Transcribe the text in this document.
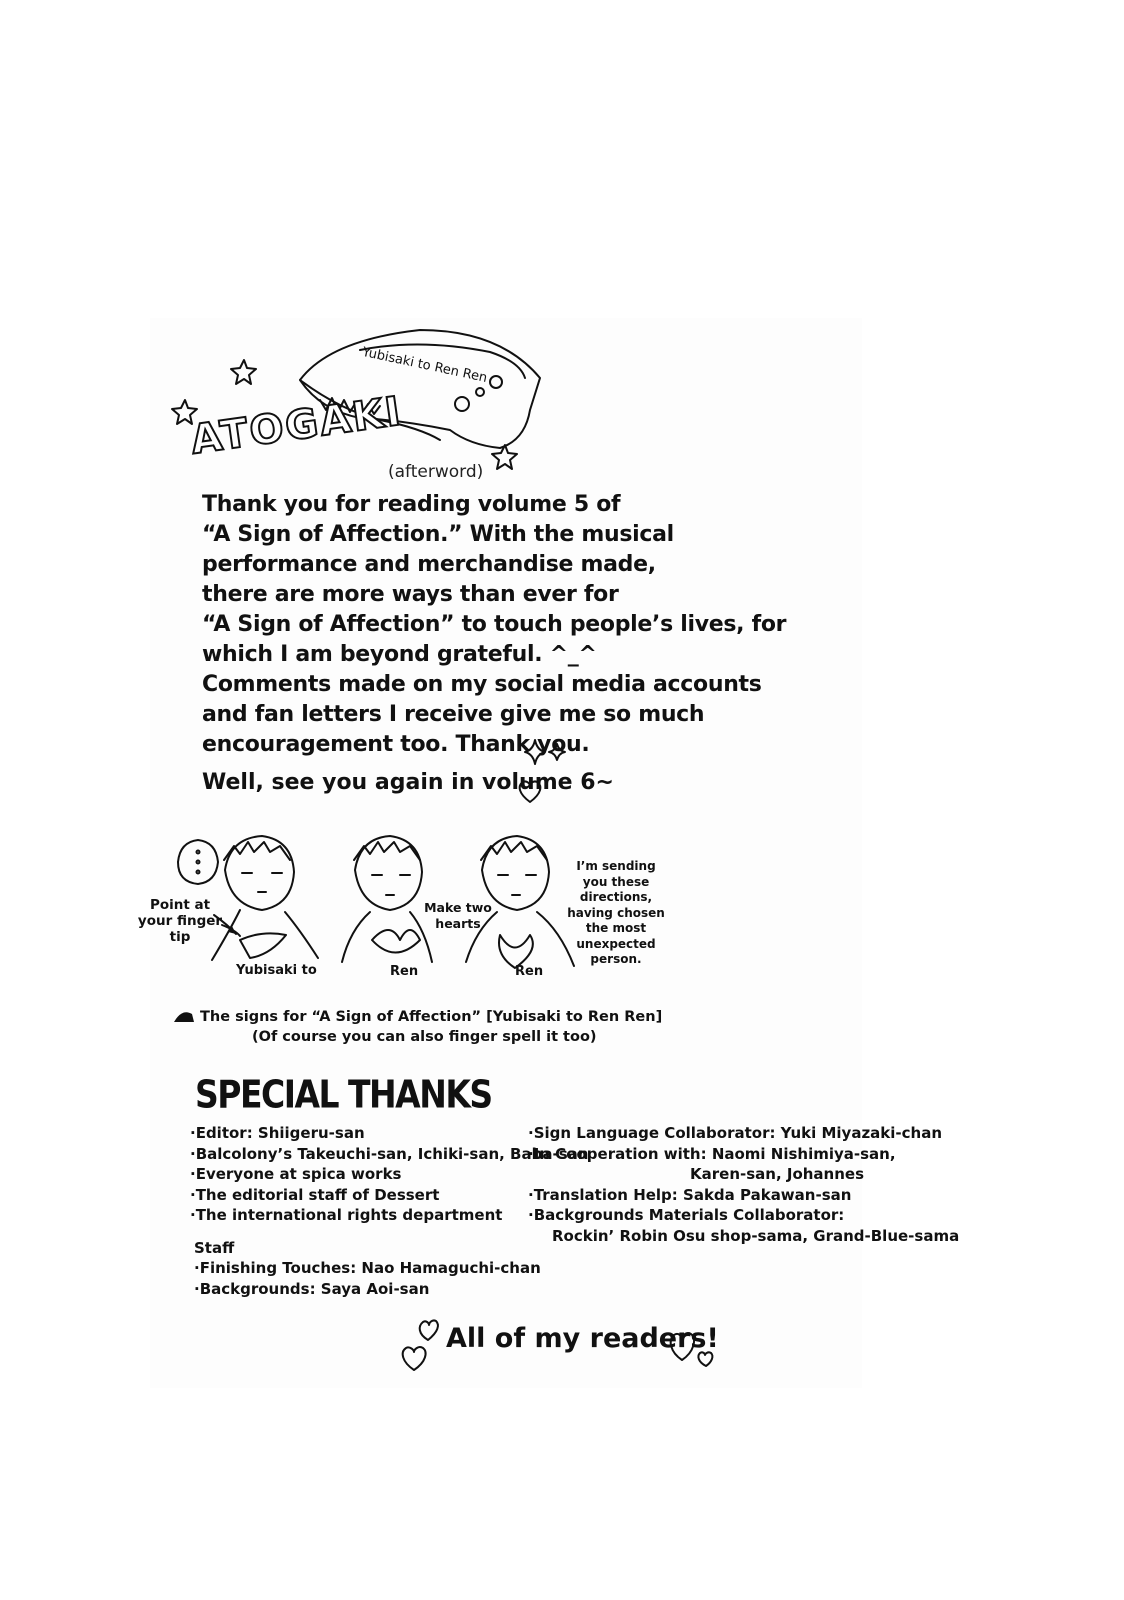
Yubisaki to Ren Ren
ATOGAKI
(afterword)
Thank you for reading volume 5 of
“A Sign of Affection.” With the musical
performance and merchandise made,
there are more ways than ever for
“A Sign of Affection” to touch people’s lives, for
which I am beyond grateful. ^_^
Comments made on my social media accounts
and fan letters I receive give me so much
encouragement too. Thank you.
Well, see you again in volume 6~
Point at your finger tip
Make two hearts
I’m sending you these directions, having chosen the most unexpected person.
Yubisaki to	Ren	Ren
The signs for “A Sign of Affection” [Yubisaki to Ren Ren]
(Of course you can also finger spell it too)
SPECIAL THANKS
·Editor: Shiigeru-san
·Balcolony’s Takeuchi-san, Ichiki-san, Baba-san
·Everyone at spica works
·The editorial staff of Dessert
·The international rights department
Staff
·Finishing Touches: Nao Hamaguchi-chan
·Backgrounds: Saya Aoi-san
·Sign Language Collaborator: Yuki Miyazaki-chan
·In Cooperation with: Naomi Nishimiya-san,
Karen-san, Johannes
·Translation Help: Sakda Pakawan-san
·Backgrounds Materials Collaborator:
Rockin’ Robin Osu shop-sama, Grand-Blue-sama
All of my readers!
